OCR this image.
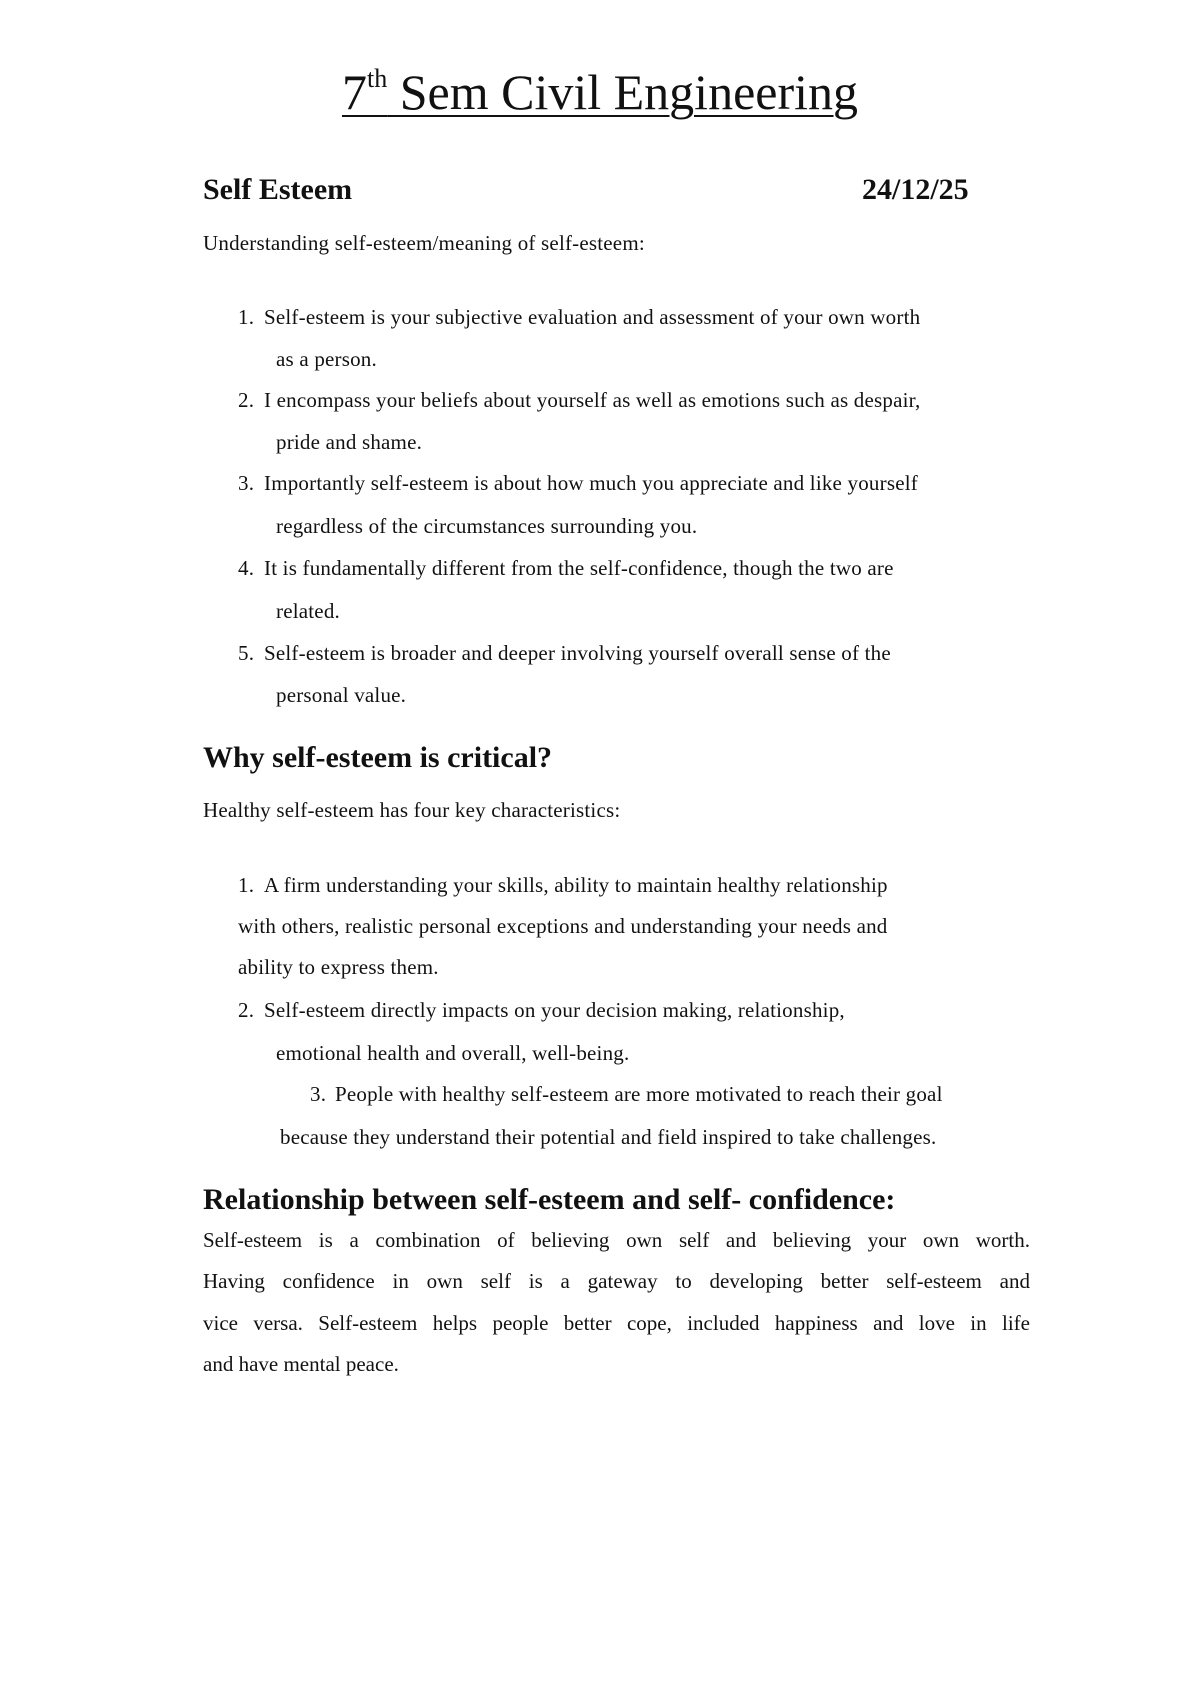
7th Sem Civil Engineering
Self Esteem	24/12/25
Understanding self-esteem/meaning of self-esteem:
1. Self-esteem is your subjective evaluation and assessment of your own worth
as a person.
2. I encompass your beliefs about yourself as well as emotions such as despair,
pride and shame.
3. Importantly self-esteem is about how much you appreciate and like yourself
regardless of the circumstances surrounding you.
4. It is fundamentally different from the self-confidence, though the two are
related.
5. Self-esteem is broader and deeper involving yourself overall sense of the
personal value.
Why self-esteem is critical?
Healthy self-esteem has four key characteristics:
1. A firm understanding your skills, ability to maintain healthy relationship
with others, realistic personal exceptions and understanding your needs and
ability to express them.
2. Self-esteem directly impacts on your decision making, relationship,
emotional health and overall, well-being.
3. People with healthy self-esteem are more motivated to reach their goal
because they understand their potential and field inspired to take challenges.
Relationship between self-esteem and self- confidence:
Self-esteem is a combination of believing own self and believing your own worth.
Having confidence in own self is a gateway to developing better self-esteem and
vice versa. Self-esteem helps people better cope, included happiness and love in life
and have mental peace.
